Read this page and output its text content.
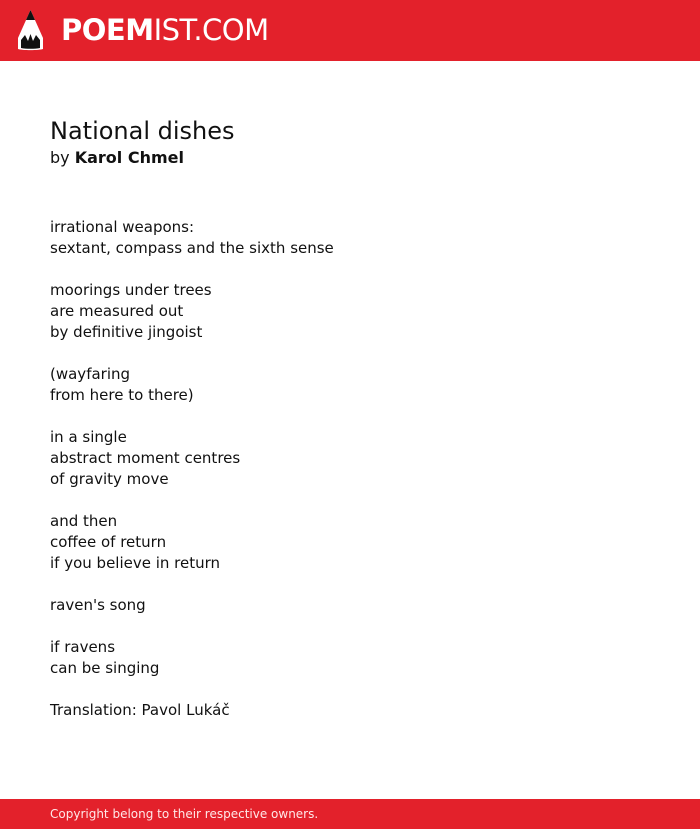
POEMIST.COM
National dishes
by Karol Chmel
irrational weapons:
sextant, compass and the sixth sense
moorings under trees
are measured out
by definitive jingoist
(wayfaring
from here to there)
in a single
abstract moment centres
of gravity move
and then
coffee of return
if you believe in return
raven's song
if ravens
can be singing
Translation: Pavol Lukáč
Copyright belong to their respective owners.
